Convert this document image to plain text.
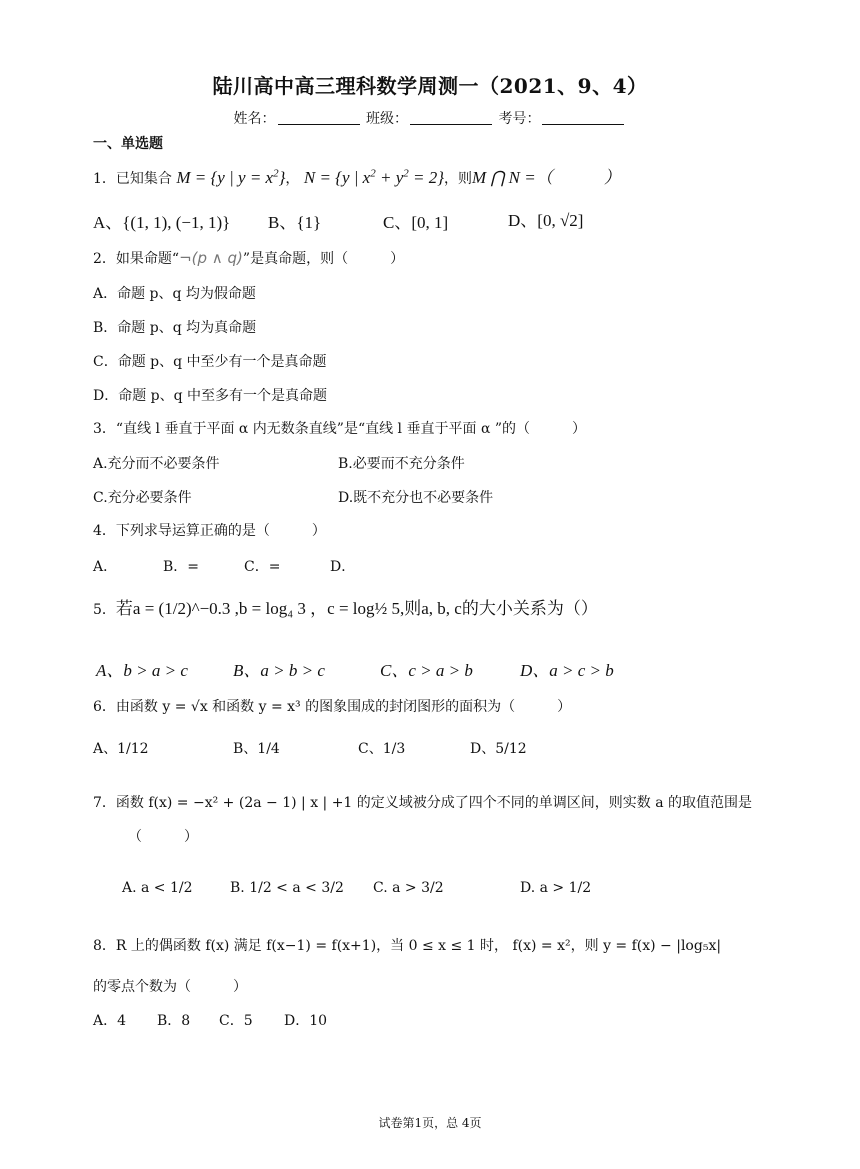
陆川高中高三理科数学周测一（2021、9、4）
姓名：	班级：	考号：
一、单选题
1．已知集合 M = {y | $y = x^2$}， N = {y | $x^2 + y^2 = 2$}，则M ⋂ N =（　　　）
A、{(1, 1), (−1, 1)} B、{1}	C、[0, 1]	D、[0, √2]
2．如果命题“¬(p ∧ q)”是真命题，则（　　　）
A．命题 p、q 均为假命题
B．命题 p、q 均为真命题
C．命题 p、q 中至少有一个是真命题
D．命题 p、q 中至多有一个是真命题
3．“直线 l 垂直于平面 α 内无数条直线”是“直线 l 垂直于平面 α ”的（　　　）
A.充分而不必要条件	B.必要而不充分条件
C.充分必要条件	D.既不充分也不必要条件
4．下列求导运算正确的是（　　　）
A．	B．=	C．=	D．
5．若a = (1/2)^−0.3 ,b = log₄ 3 ，c = log½ 5,则a, b, c的大小关系为（）
A、b > a > c	B、a > b > c	C、c > a > b	D、a > c > b
6．由函数 y = √x 和函数 y = x³ 的图象围成的封闭图形的面积为（　　　）
A、1/12	B、1/4	C、1/3	D、5/12
7．函数 f(x) = −x² + (2a − 1) | x | +1 的定义域被分成了四个不同的单调区间，则实数 a 的取值范围是
（　　　）
A. a < 1/2	B. 1/2 < a < 3/2 C. a > 3/2	D. a > 1/2
8．R 上的偶函数 f(x) 满足 f(x−1) = f(x+1)，当 0 ≤ x ≤ 1 时， f(x) = x²，则 y = f(x) − |log₅x|
的零点个数为（　　　）
A．4 B．8 C．5 D．10
试卷第1页，总 4页
